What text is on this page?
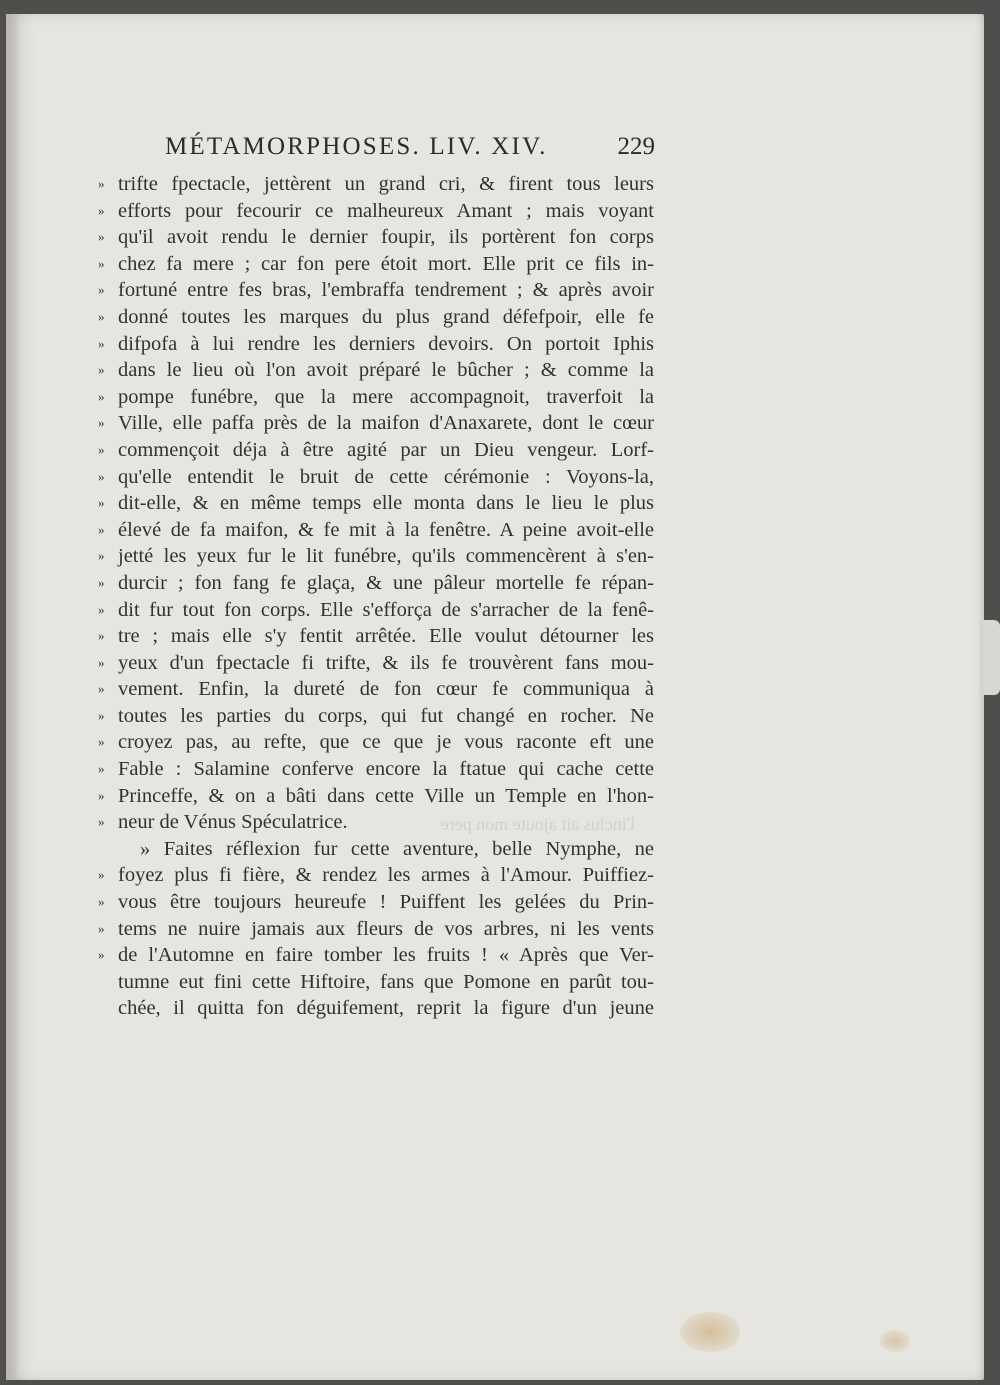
l'inclus ait ajoute mon pere
MÉTAMORPHOSES. LIV. XIV.	229
» trifte fpectacle, jettèrent un grand cri, & firent tous leurs
» efforts pour fecourir ce malheureux Amant ; mais voyant
» qu'il avoit rendu le dernier foupir, ils portèrent fon corps
» chez fa mere ; car fon pere étoit mort. Elle prit ce fils in-
» fortuné entre fes bras, l'embraffa tendrement ; & après avoir
» donné toutes les marques du plus grand défefpoir, elle fe
» difpofa à lui rendre les derniers devoirs. On portoit Iphis
» dans le lieu où l'on avoit préparé le bûcher ; & comme la
» pompe funébre, que la mere accompagnoit, traverfoit la
» Ville, elle paffa près de la maifon d'Anaxarete, dont le cœur
» commençoit déja à être agité par un Dieu vengeur. Lorf-
» qu'elle entendit le bruit de cette cérémonie : Voyons-la,
» dit-elle, & en même temps elle monta dans le lieu le plus
» élevé de fa maifon, & fe mit à la fenêtre. A peine avoit-elle
» jetté les yeux fur le lit funébre, qu'ils commencèrent à s'en-
» durcir ; fon fang fe glaça, & une pâleur mortelle fe répan-
» dit fur tout fon corps. Elle s'efforça de s'arracher de la fenê-
» tre ; mais elle s'y fentit arrêtée. Elle voulut détourner les
» yeux d'un fpectacle fi trifte, & ils fe trouvèrent fans mou-
» vement. Enfin, la dureté de fon cœur fe communiqua à
» toutes les parties du corps, qui fut changé en rocher. Ne
» croyez pas, au refte, que ce que je vous raconte eft une
» Fable : Salamine conferve encore la ftatue qui cache cette
» Princeffe, & on a bâti dans cette Ville un Temple en l'hon-
» neur de Vénus Spéculatrice.
» Faites réflexion fur cette aventure, belle Nymphe, ne
» foyez plus fi fière, & rendez les armes à l'Amour. Puiffiez-
» vous être toujours heureufe ! Puiffent les gelées du Prin-
» tems ne nuire jamais aux fleurs de vos arbres, ni les vents
» de l'Automne en faire tomber les fruits ! « Après que Ver-
tumne eut fini cette Hiftoire, fans que Pomone en parût tou-
chée, il quitta fon déguifement, reprit la figure d'un jeune
